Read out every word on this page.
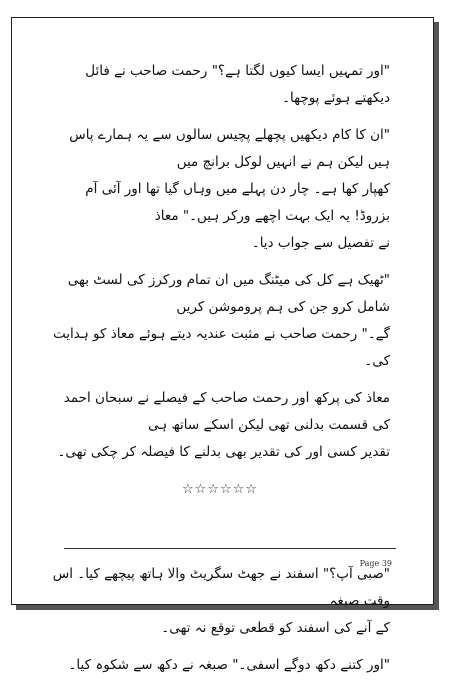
"اور تمہیں ایسا کیوں لگتا ہے؟" رحمت صاحب نے فائل دیکھتے ہوئے پوچھا۔

"ان کا کام دیکھیں پچھلے پچیس سالوں سے یہ ہمارے پاس ہیں لیکن ہم نے انہیں لوکل برانچ میں

کھپار کھا ہے۔ چار دن پہلے میں وہاں گیا تھا اور آئی آم بزروڈ! یہ ایک بہت اچھے ورکر ہیں۔" معاذ

نے تفصیل سے جواب دیا۔

"ٹھیک ہے کل کی میٹنگ میں ان تمام ورکرز کی لسٹ بھی شامل کرو جن کی ہم پروموشن کریں

گے۔" رحمت صاحب نے مثبت عندیہ دیتے ہوئے معاذ کو ہدایت کی۔

معاذ کی پرکھ اور رحمت صاحب کے فیصلے نے سبحان احمد کی قسمت بدلنی تھی لیکن اسکے ساتھ ہی

تقدیر کسی اور کی تقدیر بھی بدلنے کا فیصلہ کر چکی تھی۔

☆☆☆☆☆☆

"صبی آپ؟" اسفند نے جھٹ سگریٹ والا ہاتھ پیچھے کیا۔ اس وقت صبغہ

کے آنے کی اسفند کو قطعی توقع نہ تھی۔

"اور کتنے دکھ دوگے اسفی۔" صبغہ نے دکھ سے شکوہ کیا۔

Page 39
